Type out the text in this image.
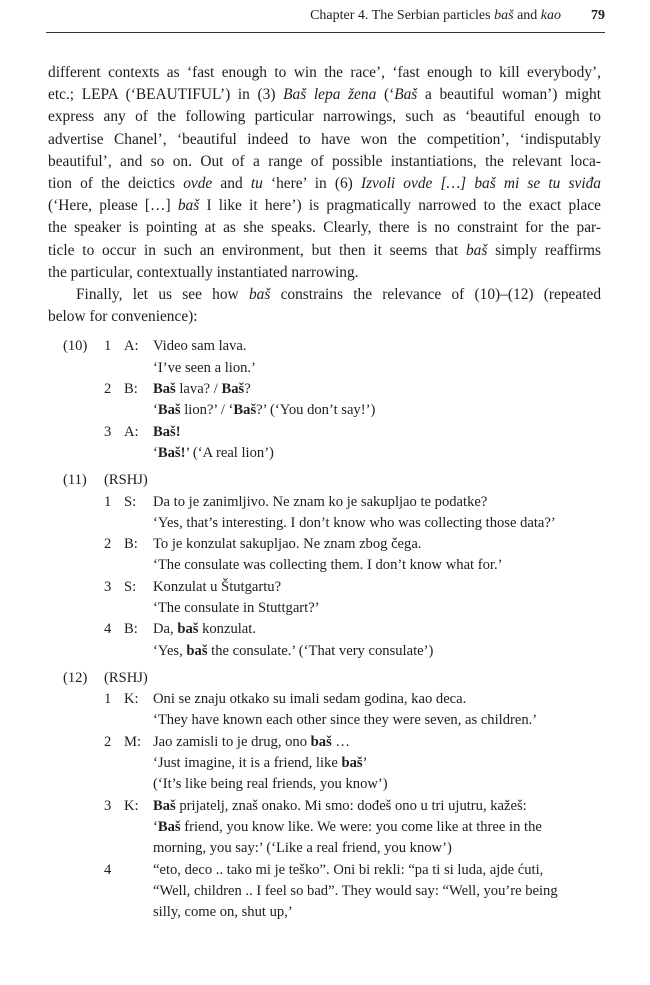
Chapter 4. The Serbian particles baš and kao 79

different contexts as ‘fast enough to win the race’, ‘fast enough to kill everybody’,

etc.; LEPA (‘BEAUTIFUL’) in (3) Baš lepa žena (‘Baš a beautiful woman’) might

express any of the following particular narrowings, such as ‘beautiful enough to

advertise Chanel’, ‘beautiful indeed to have won the competition’, ‘indisputably

beautiful’, and so on. Out of a range of possible instantiations, the relevant loca-

tion of the deictics ovde and tu ‘here’ in (6) Izvoli ovde […] baš mi se tu sviđa

(‘Here, please […] baš I like it here’) is pragmatically narrowed to the exact place

the speaker is pointing at as she speaks. Clearly, there is no constraint for the par-

ticle to occur in such an environment, but then it seems that baš simply reaffirms

the particular, contextually instantiated narrowing.

Finally, let us see how baš constrains the relevance of (10)–(12) (repeated

below for convenience):

(10) 1 A: Video sam lava.
‘I’ve seen a lion.’
2 B: Baš lava? / Baš?
‘Baš lion?’ / ‘Baš?’ (‘You don’t say!’)
3 A: Baš!
‘Baš!’ (‘A real lion’)
(11) (RSHJ)
1 S: Da to je zanimljivo. Ne znam ko je sakupljao te podatke?
‘Yes, that’s interesting. I don’t know who was collecting those data?’
2 B: To je konzulat sakupljao. Ne znam zbog čega.
‘The consulate was collecting them. I don’t know what for.’
3 S: Konzulat u Štutgartu?
‘The consulate in Stuttgart?’
4 B: Da, baš konzulat.
‘Yes, baš the consulate.’ (‘That very consulate’)
(12) (RSHJ)
1 K: Oni se znaju otkako su imali sedam godina, kao deca.
‘They have known each other since they were seven, as children.’
2 M: Jao zamisli to je drug, ono baš …
‘Just imagine, it is a friend, like baš’
(‘It’s like being real friends, you know’)
3 K: Baš prijatelj, znaš onako. Mi smo: dođeš ono u tri ujutru, kažeš:
‘Baš friend, you know like. We were: you come like at three in the
morning, you say:’ (‘Like a real friend, you know’)
4	“eto, deco .. tako mi je teško”. Oni bi rekli: “pa ti si luda, ajde ćuti,
“Well, children .. I feel so bad”. They would say: “Well, you’re being
silly, come on, shut up,’
